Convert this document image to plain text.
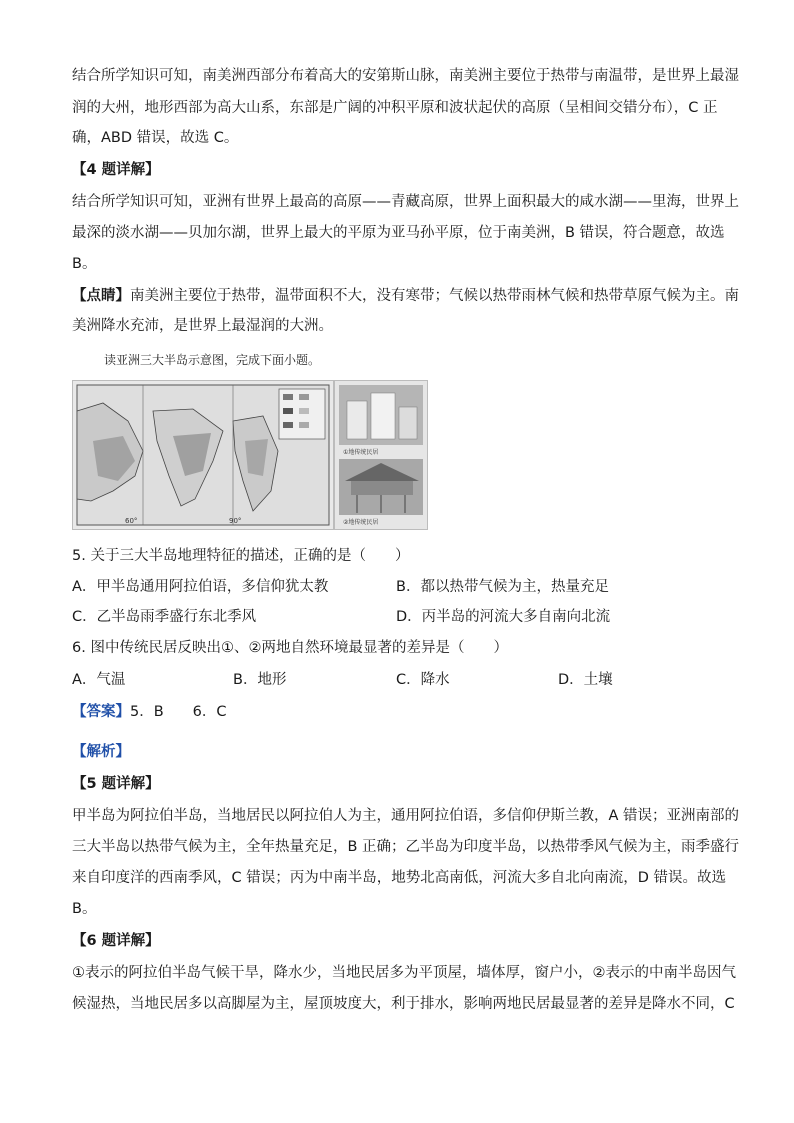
结合所学知识可知，南美洲西部分布着高大的安第斯山脉，南美洲主要位于热带与南温带，是世界上最湿
润的大州，地形西部为高大山系，东部是广阔的冲积平原和波状起伏的高原（呈相间交错分布），C 正
确，ABD 错误，故选 C。
【4 题详解】
结合所学知识可知，亚洲有世界上最高的高原——青藏高原，世界上面积最大的咸水湖——里海，世界上
最深的淡水湖——贝加尔湖，世界上最大的平原为亚马孙平原，位于南美洲，B 错误，符合题意，故选
B。
【点睛】南美洲主要位于热带，温带面积不大，没有寒带；气候以热带雨林气候和热带草原气候为主。南
美洲降水充沛，是世界上最湿润的大洲。
读亚洲三大半岛示意图，完成下面小题。
60°	90°
①地传统民居
②地传统民居
5. 关于三大半岛地理特征的描述，正确的是（　　）
A．甲半岛通用阿拉伯语，多信仰犹太教	B．都以热带气候为主，热量充足
C．乙半岛雨季盛行东北季风	D．丙半岛的河流大多自南向北流
6. 图中传统民居反映出①、②两地自然环境最显著的差异是（　　）
A．气温	B．地形	C．降水	D．土壤
【答案】5．B　　6．C
【解析】
【5 题详解】
甲半岛为阿拉伯半岛，当地居民以阿拉伯人为主，通用阿拉伯语，多信仰伊斯兰教，A 错误；亚洲南部的
三大半岛以热带气候为主，全年热量充足，B 正确；乙半岛为印度半岛，以热带季风气候为主，雨季盛行
来自印度洋的西南季风，C 错误；丙为中南半岛，地势北高南低，河流大多自北向南流，D 错误。故选
B。
【6 题详解】
①表示的阿拉伯半岛气候干旱，降水少，当地民居多为平顶屋，墙体厚，窗户小，②表示的中南半岛因气
候湿热，当地民居多以高脚屋为主，屋顶坡度大，利于排水，影响两地民居最显著的差异是降水不同，C
